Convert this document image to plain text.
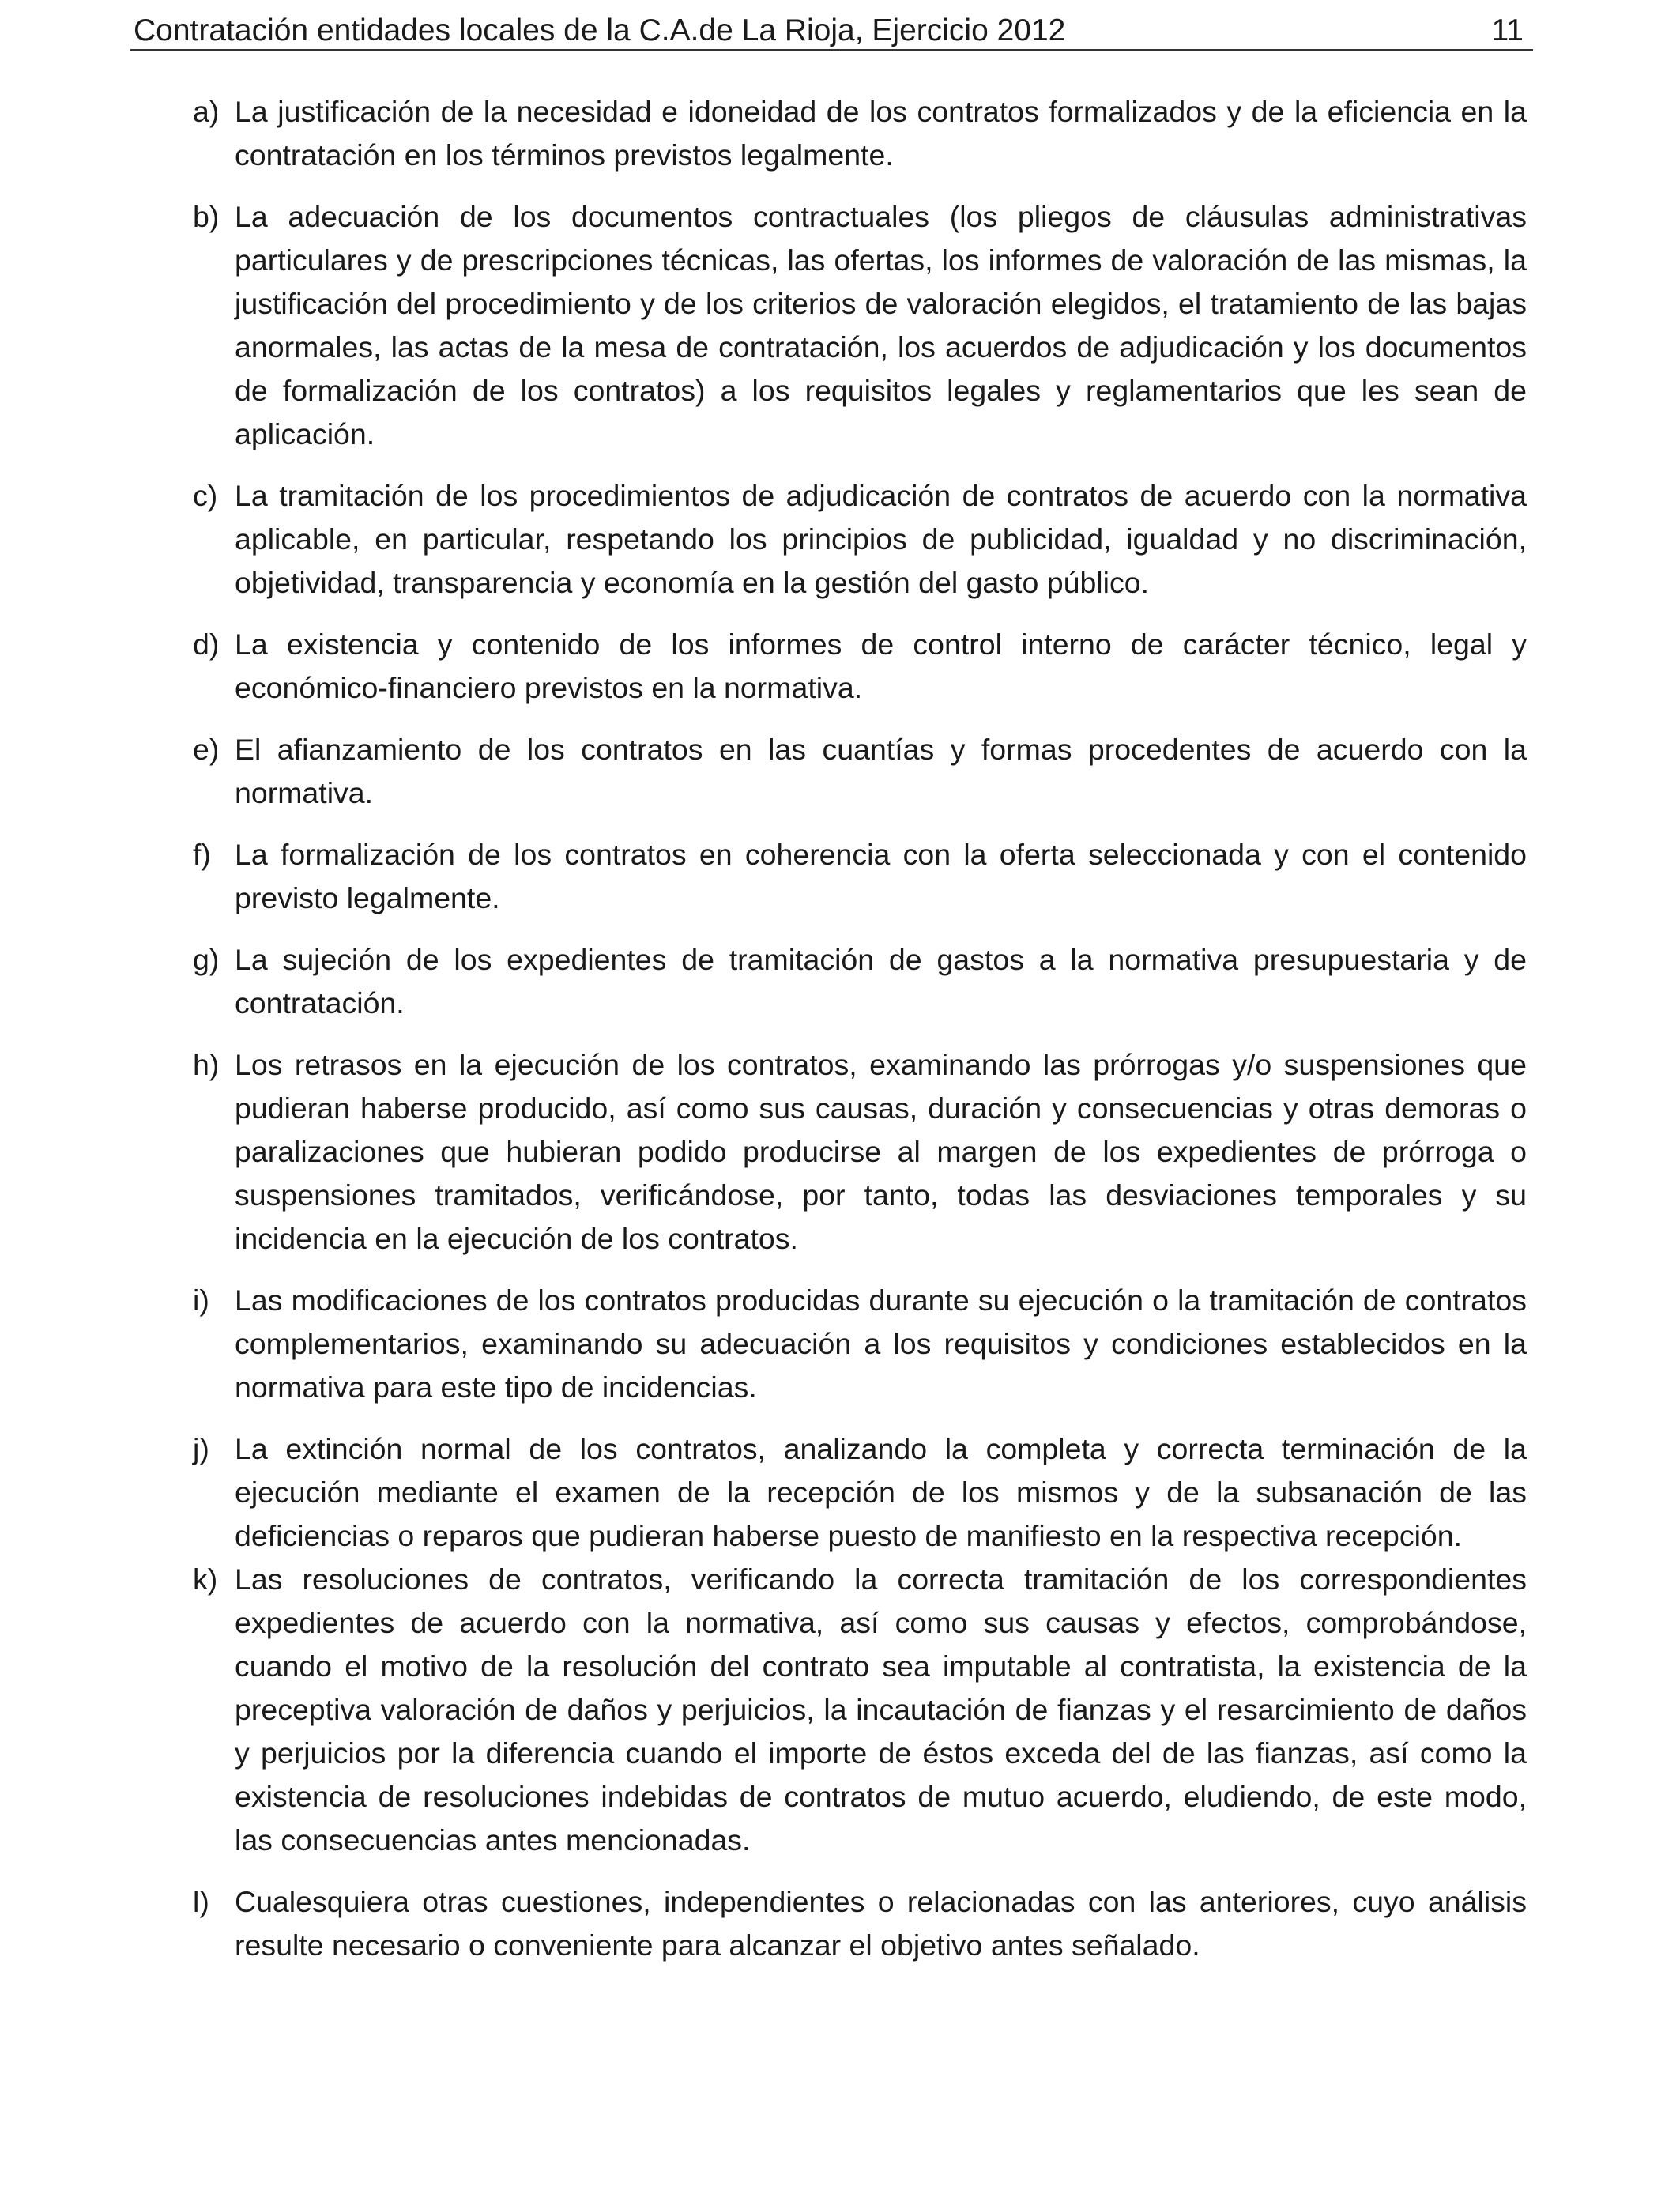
Contratación entidades locales de la C.A.de La Rioja, Ejercicio 2012	11
a) La justificación de la necesidad e idoneidad de los contratos formalizados y de la eficiencia en la contratación en los términos previstos legalmente.
b) La adecuación de los documentos contractuales (los pliegos de cláusulas administrativas particulares y de prescripciones técnicas, las ofertas, los informes de valoración de las mismas, la justificación del procedimiento y de los criterios de valoración elegidos, el tratamiento de las bajas anormales, las actas de la mesa de contratación, los acuerdos de adjudicación y los documentos de formalización de los contratos) a los requisitos legales y reglamentarios que les sean de aplicación.
c) La tramitación de los procedimientos de adjudicación de contratos de acuerdo con la normativa aplicable, en particular, respetando los principios de publicidad, igualdad y no discriminación, objetividad, transparencia y economía en la gestión del gasto público.
d) La existencia y contenido de los informes de control interno de carácter técnico, legal y económico-financiero previstos en la normativa.
e) El afianzamiento de los contratos en las cuantías y formas procedentes de acuerdo con la normativa.
f) La formalización de los contratos en coherencia con la oferta seleccionada y con el contenido previsto legalmente.
g) La sujeción de los expedientes de tramitación de gastos a la normativa presupuestaria y de contratación.
h) Los retrasos en la ejecución de los contratos, examinando las prórrogas y/o suspensiones que pudieran haberse producido, así como sus causas, duración y consecuencias y otras demoras o paralizaciones que hubieran podido producirse al margen de los expedientes de prórroga o suspensiones tramitados, verificándose, por tanto, todas las desviaciones temporales y su incidencia en la ejecución de los contratos.
i) Las modificaciones de los contratos producidas durante su ejecución o la tramitación de contratos complementarios, examinando su adecuación a los requisitos y condiciones establecidos en la normativa para este tipo de incidencias.
j) La extinción normal de los contratos, analizando la completa y correcta terminación de la ejecución mediante el examen de la recepción de los mismos y de la subsanación de las deficiencias o reparos que pudieran haberse puesto de manifiesto en la respectiva recepción.
k) Las resoluciones de contratos, verificando la correcta tramitación de los correspondientes expedientes de acuerdo con la normativa, así como sus causas y efectos, comprobándose, cuando el motivo de la resolución del contrato sea imputable al contratista, la existencia de la preceptiva valoración de daños y perjuicios, la incautación de fianzas y el resarcimiento de daños y perjuicios por la diferencia cuando el importe de éstos exceda del de las fianzas, así como la existencia de resoluciones indebidas de contratos de mutuo acuerdo, eludiendo, de este modo, las consecuencias antes mencionadas.
l) Cualesquiera otras cuestiones, independientes o relacionadas con las anteriores, cuyo análisis resulte necesario o conveniente para alcanzar el objetivo antes señalado.
